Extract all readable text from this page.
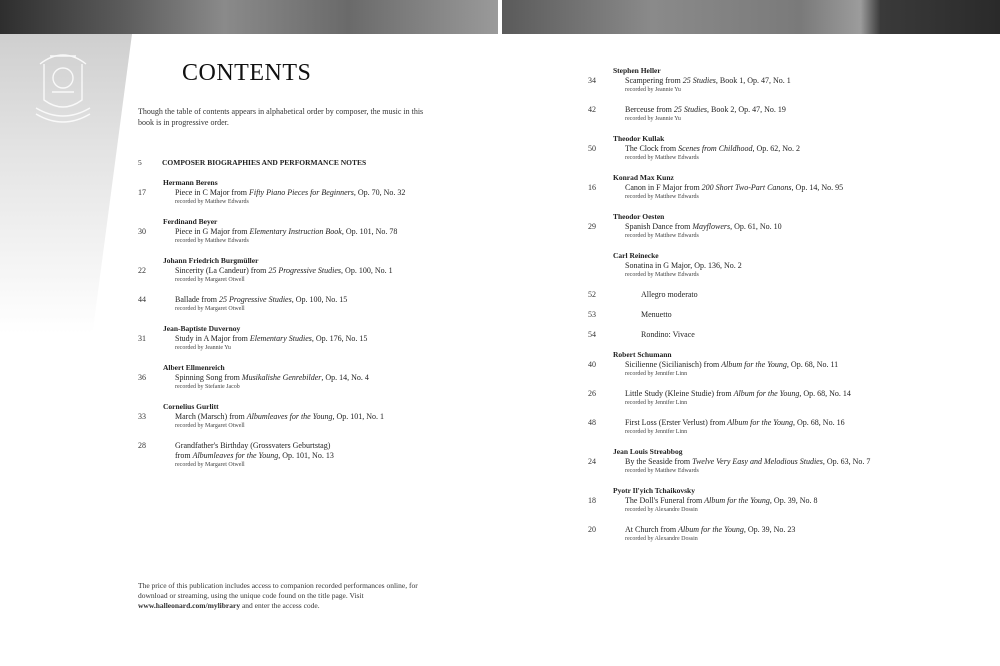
CONTENTS
Though the table of contents appears in alphabetical order by composer, the music in this book is in progressive order.
5	COMPOSER BIOGRAPHIES AND PERFORMANCE NOTES
Hermann Berens
17	Piece in C Major from Fifty Piano Pieces for Beginners, Op. 70, No. 32
recorded by Matthew Edwards
Ferdinand Beyer
30	Piece in G Major from Elementary Instruction Book, Op. 101, No. 78
recorded by Matthew Edwards
Johann Friedrich Burgmüller
22	Sincerity (La Candeur) from 25 Progressive Studies, Op. 100, No. 1
recorded by Margaret Otwell
44	Ballade from 25 Progressive Studies, Op. 100, No. 15
recorded by Margaret Otwell
Jean-Baptiste Duvernoy
31	Study in A Major from Elementary Studies, Op. 176, No. 15
recorded by Jeannie Yu
Albert Ellmenreich
36	Spinning Song from Musikalishe Genrebilder, Op. 14, No. 4
recorded by Stefanie Jacob
Cornelius Gurlitt
33	March (Marsch) from Albumleaves for the Young, Op. 101, No. 1
recorded by Margaret Otwell
28	Grandfather's Birthday (Grossvaters Geburtstag)
from Albumleaves for the Young, Op. 101, No. 13
recorded by Margaret Otwell
Stephen Heller
34	Scampering from 25 Studies, Book 1, Op. 47, No. 1
recorded by Jeannie Yu
42	Berceuse from 25 Studies, Book 2, Op. 47, No. 19
recorded by Jeannie Yu
Theodor Kullak
50	The Clock from Scenes from Childhood, Op. 62, No. 2
recorded by Matthew Edwards
Konrad Max Kunz
16	Canon in F Major from 200 Short Two-Part Canons, Op. 14, No. 95
recorded by Matthew Edwards
Theodor Oesten
29	Spanish Dance from Mayflowers, Op. 61, No. 10
recorded by Matthew Edwards
Carl Reinecke
Sonatina in G Major, Op. 136, No. 2
recorded by Matthew Edwards
52	Allegro moderato
53	Menuetto
54	Rondino: Vivace
Robert Schumann
40	Sicilienne (Sicilianisch) from Album for the Young, Op. 68, No. 11
recorded by Jennifer Linn
26	Little Study (Kleine Studie) from Album for the Young, Op. 68, No. 14
recorded by Jennifer Linn
48	First Loss (Erster Verlust) from Album for the Young, Op. 68, No. 16
recorded by Jennifer Linn
Jean Louis Streabbog
24	By the Seaside from Twelve Very Easy and Melodious Studies, Op. 63, No. 7
recorded by Matthew Edwards
Pyotr Il'yich Tchaikovsky
18	The Doll's Funeral from Album for the Young, Op. 39, No. 8
recorded by Alexandre Dossin
20	At Church from Album for the Young, Op. 39, No. 23
recorded by Alexandre Dossin
The price of this publication includes access to companion recorded performances online, for download or streaming, using the unique code found on the title page. Visit www.halleonard.com/mylibrary and enter the access code.
